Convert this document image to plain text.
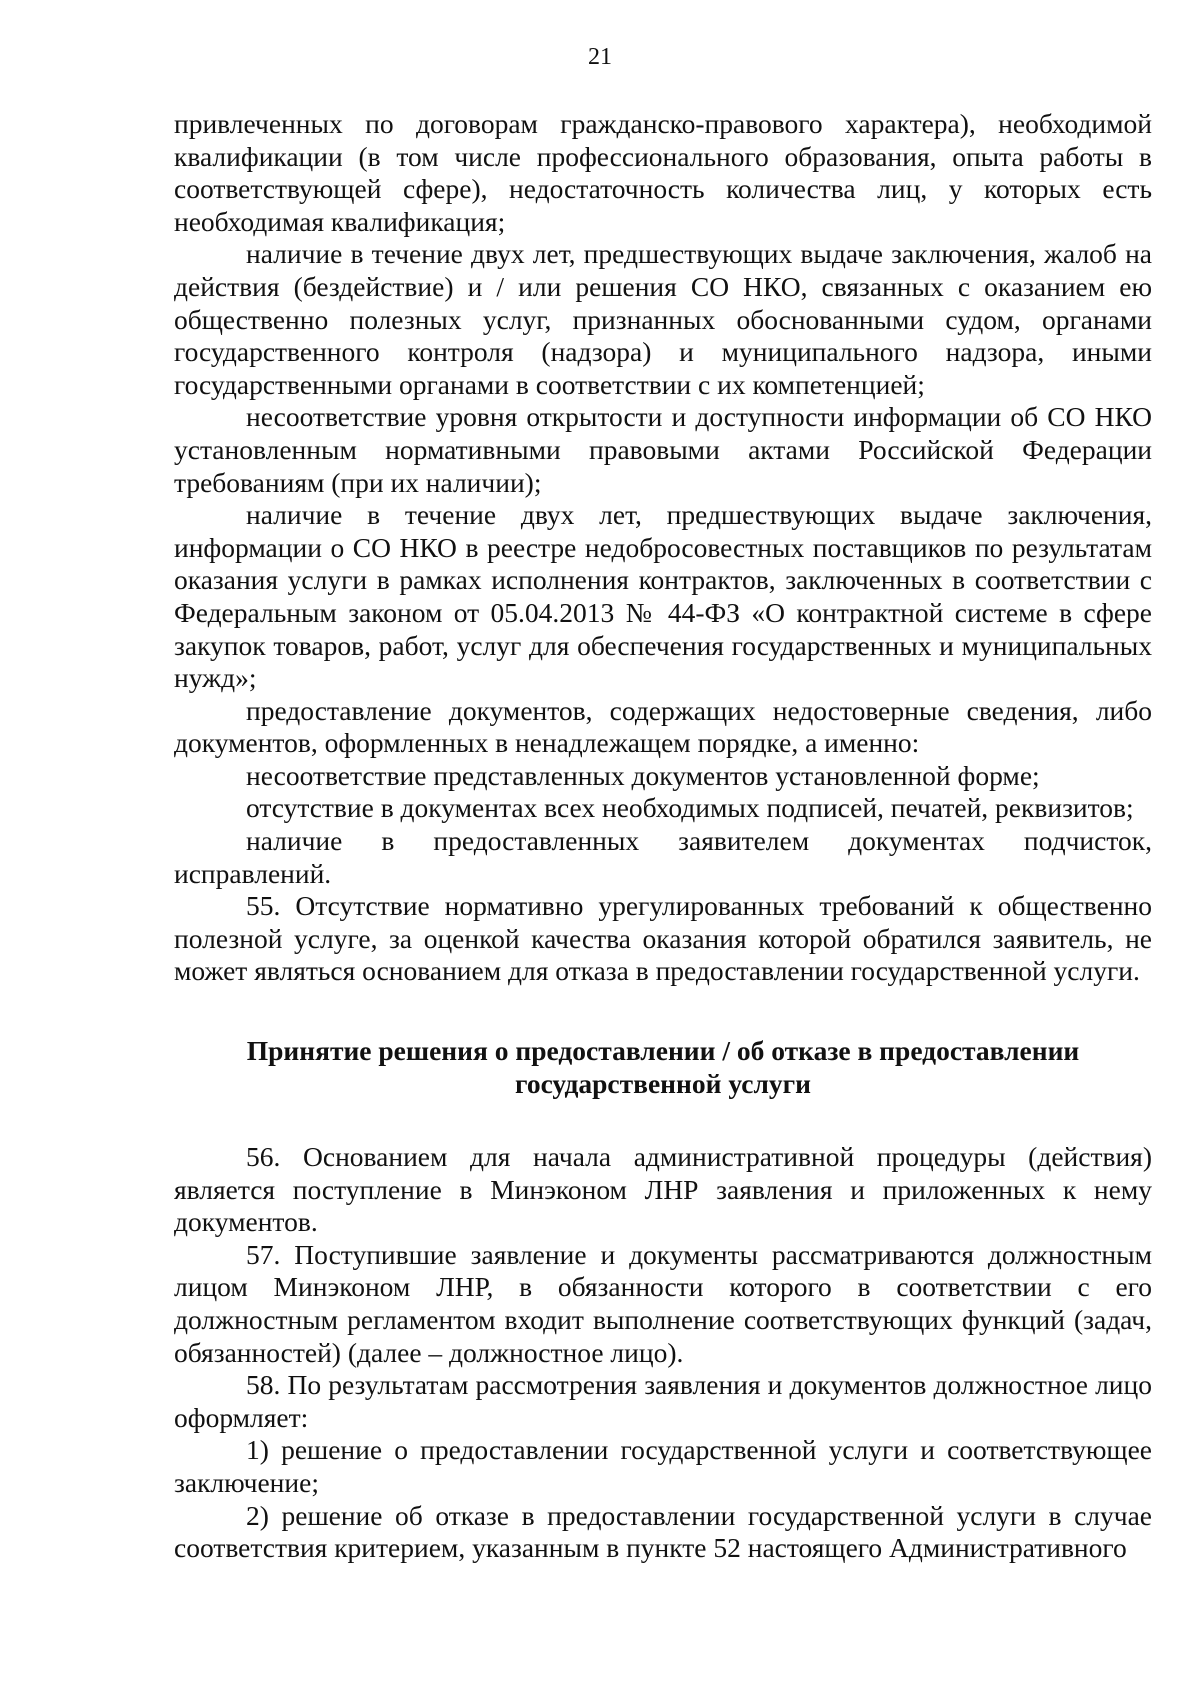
21

привлеченных по договорам гражданско-правового характера), необходимой квалификации (в том числе профессионального образования, опыта работы в соответствующей сфере), недостаточность количества лиц, у которых есть необходимая квалификация;

наличие в течение двух лет, предшествующих выдаче заключения, жалоб на действия (бездействие) и / или решения СО НКО, связанных с оказанием ею общественно полезных услуг, признанных обоснованными судом, органами государственного контроля (надзора) и муниципального надзора, иными государственными органами в соответствии с их компетенцией;

несоответствие уровня открытости и доступности информации об СО НКО установленным нормативными правовыми актами Российской Федерации требованиям (при их наличии);

наличие в течение двух лет, предшествующих выдаче заключения, информации о СО НКО в реестре недобросовестных поставщиков по результатам оказания услуги в рамках исполнения контрактов, заключенных в соответствии с Федеральным законом от 05.04.2013 № 44-ФЗ «О контрактной системе в сфере закупок товаров, работ, услуг для обеспечения государственных и муниципальных нужд»;

предоставление документов, содержащих недостоверные сведения, либо документов, оформленных в ненадлежащем порядке, а именно:

несоответствие представленных документов установленной форме;

отсутствие в документах всех необходимых подписей, печатей, реквизитов;

наличие в предоставленных заявителем документах подчисток, исправлений.

55. Отсутствие нормативно урегулированных требований к общественно полезной услуге, за оценкой качества оказания которой обратился заявитель, не может являться основанием для отказа в предоставлении государственной услуги.

Принятие решения о предоставлении / об отказе в предоставлении
государственной услуги

56. Основанием для начала административной процедуры (действия) является поступление в Минэконом ЛНР заявления и приложенных к нему документов.

57. Поступившие заявление и документы рассматриваются должностным лицом Минэконом ЛНР, в обязанности которого в соответствии с его должностным регламентом входит выполнение соответствующих функций (задач, обязанностей) (далее – должностное лицо).

58. По результатам рассмотрения заявления и документов должностное лицо оформляет:

1) решение о предоставлении государственной услуги и соответствующее заключение;

2) решение об отказе в предоставлении государственной услуги в случае соответствия критерием, указанным в пункте 52 настоящего Административного
